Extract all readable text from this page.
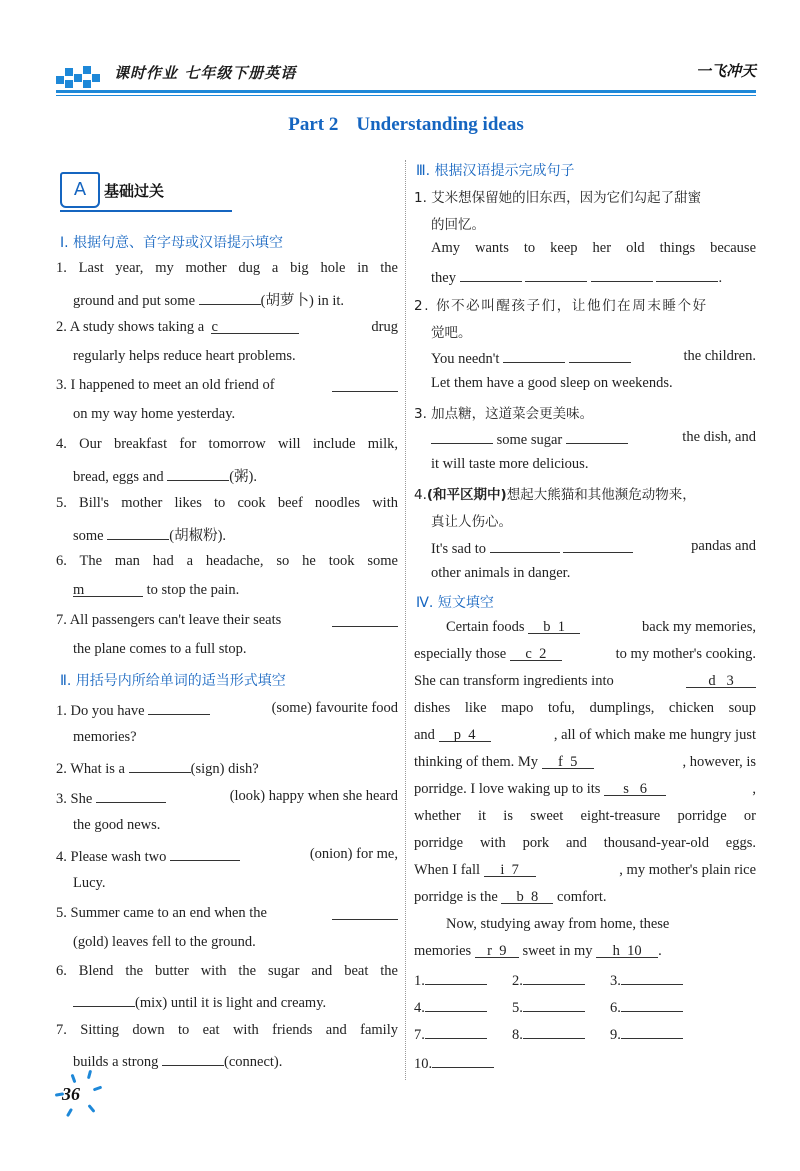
课时作业 七年级下册英语	一飞冲天
Part 2 Understanding ideas
A	基础过关
Ⅰ. 根据句意、首字母或汉语提示填空
1. Last year, my mother dug a big hole in the
ground and put some	(胡萝卜) in it.
2. A study shows taking a c	drug
regularly helps reduce heart problems.
3. I happened to meet an old friend of
on my way home yesterday.
4. Our breakfast for tomorrow will include milk,
bread, eggs and	(粥).
5. Bill's mother likes to cook beef noodles with
some	(胡椒粉).
6. The man had a headache, so he took some
m	to stop the pain.
7. All passengers can't leave their seats
the plane comes to a full stop.
Ⅱ. 用括号内所给单词的适当形式填空
1. Do you have	(some) favourite food
memories?
2. What is a	(sign) dish?
3. She	(look) happy when she heard
the good news.
4. Please wash two	(onion) for me,
Lucy.
5. Summer came to an end when the
(gold) leaves fell to the ground.
6. Blend the butter with the sugar and beat the
(mix) until it is light and creamy.
7. Sitting down to eat with friends and family
builds a strong	(connect).
Ⅲ. 根据汉语提示完成句子
1. 艾米想保留她的旧东西，因为它们勾起了甜蜜
的回忆。
Amy wants to keep her old things because
they	.
2. 你不必叫醒孩子们，让他们在周末睡个好
觉吧。
You needn't	the children.
Let them have a good sleep on weekends.
3. 加点糖，这道菜会更美味。
some sugar	the dish, and
it will taste more delicious.
4.(和平区期中)想起大熊猫和其他濒危动物来，
真让人伤心。
It's sad to	pandas and
other animals in danger.
Ⅳ. 短文填空
Certain foods b 1	back my memories,
especially those c 2	to my mother's cooking.
She can transform ingredients into	d 3
dishes like mapo tofu, dumplings, chicken soup
and p 4	, all of which make me hungry just
thinking of them. My f 5	, however, is
porridge. I love waking up to its s 6	,
whether it is sweet eight-treasure porridge or
porridge with pork and thousand-year-old eggs.
When I fall i 7	, my mother's plain rice
porridge is the b 8 comfort.
Now, studying away from home, these
memories r 9 sweet in my h 10 .
1.	2.	3.
4.	5.	6.
7.	8.	9.
10.
36
